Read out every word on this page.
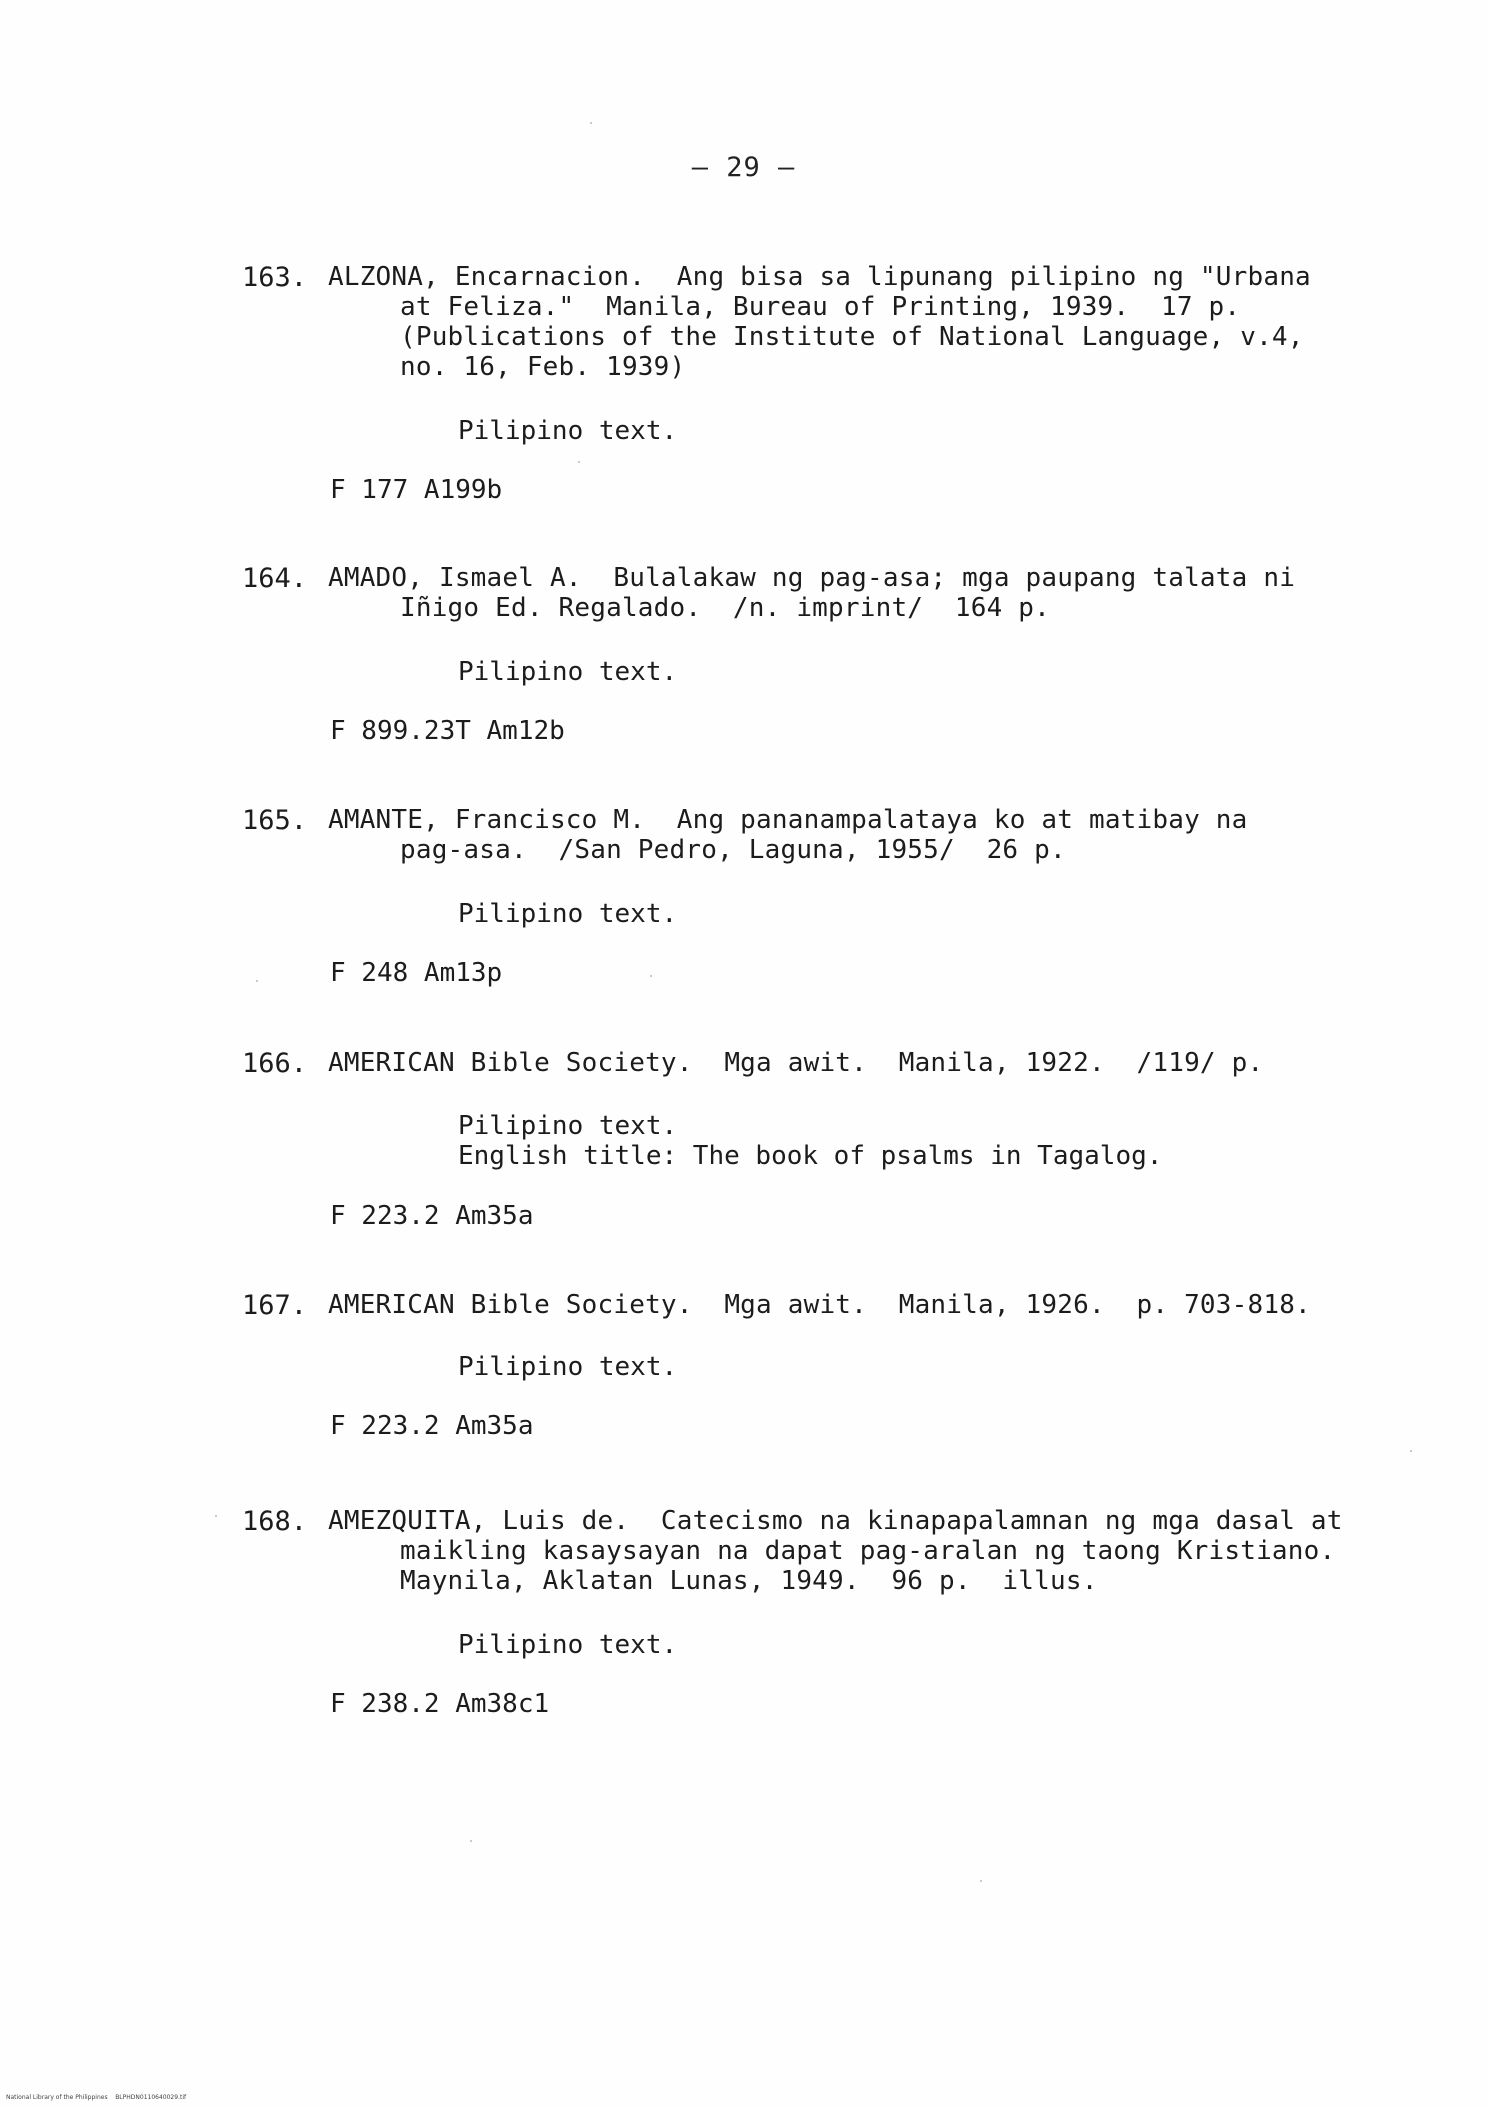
– 29 –
163. ALZONA, Encarnacion.  Ang bisa sa lipunang pilipino ng "Urbana
at Feliza."  Manila, Bureau of Printing, 1939.  17 p.
(Publications of the Institute of National Language, v.4,
no. 16, Feb. 1939)
Pilipino text.
F 177 A199b
164. AMADO, Ismael A.  Bulalakaw ng pag-asa; mga paupang talata ni
Iñigo Ed. Regalado.  /n. imprint/  164 p.
Pilipino text.
F 899.23T Am12b
165. AMANTE, Francisco M.  Ang pananampalataya ko at matibay na
pag-asa.  /San Pedro, Laguna, 1955/  26 p.
Pilipino text.
F 248 Am13p
166. AMERICAN Bible Society.  Mga awit.  Manila, 1922.  /119/ p.
Pilipino text.
English title: The book of psalms in Tagalog.
F 223.2 Am35a
167. AMERICAN Bible Society.  Mga awit.  Manila, 1926.  p. 703-818.
Pilipino text.
F 223.2 Am35a
168. AMEZQUITA, Luis de.  Catecismo na kinapapalamnan ng mga dasal at
maikling kasaysayan na dapat pag-aralan ng taong Kristiano.
Maynila, Aklatan Lunas, 1949.  96 p.  illus.
Pilipino text.
F 238.2 Am38c1
National Library of the Philippines    BLPHDN0110640029.tif
